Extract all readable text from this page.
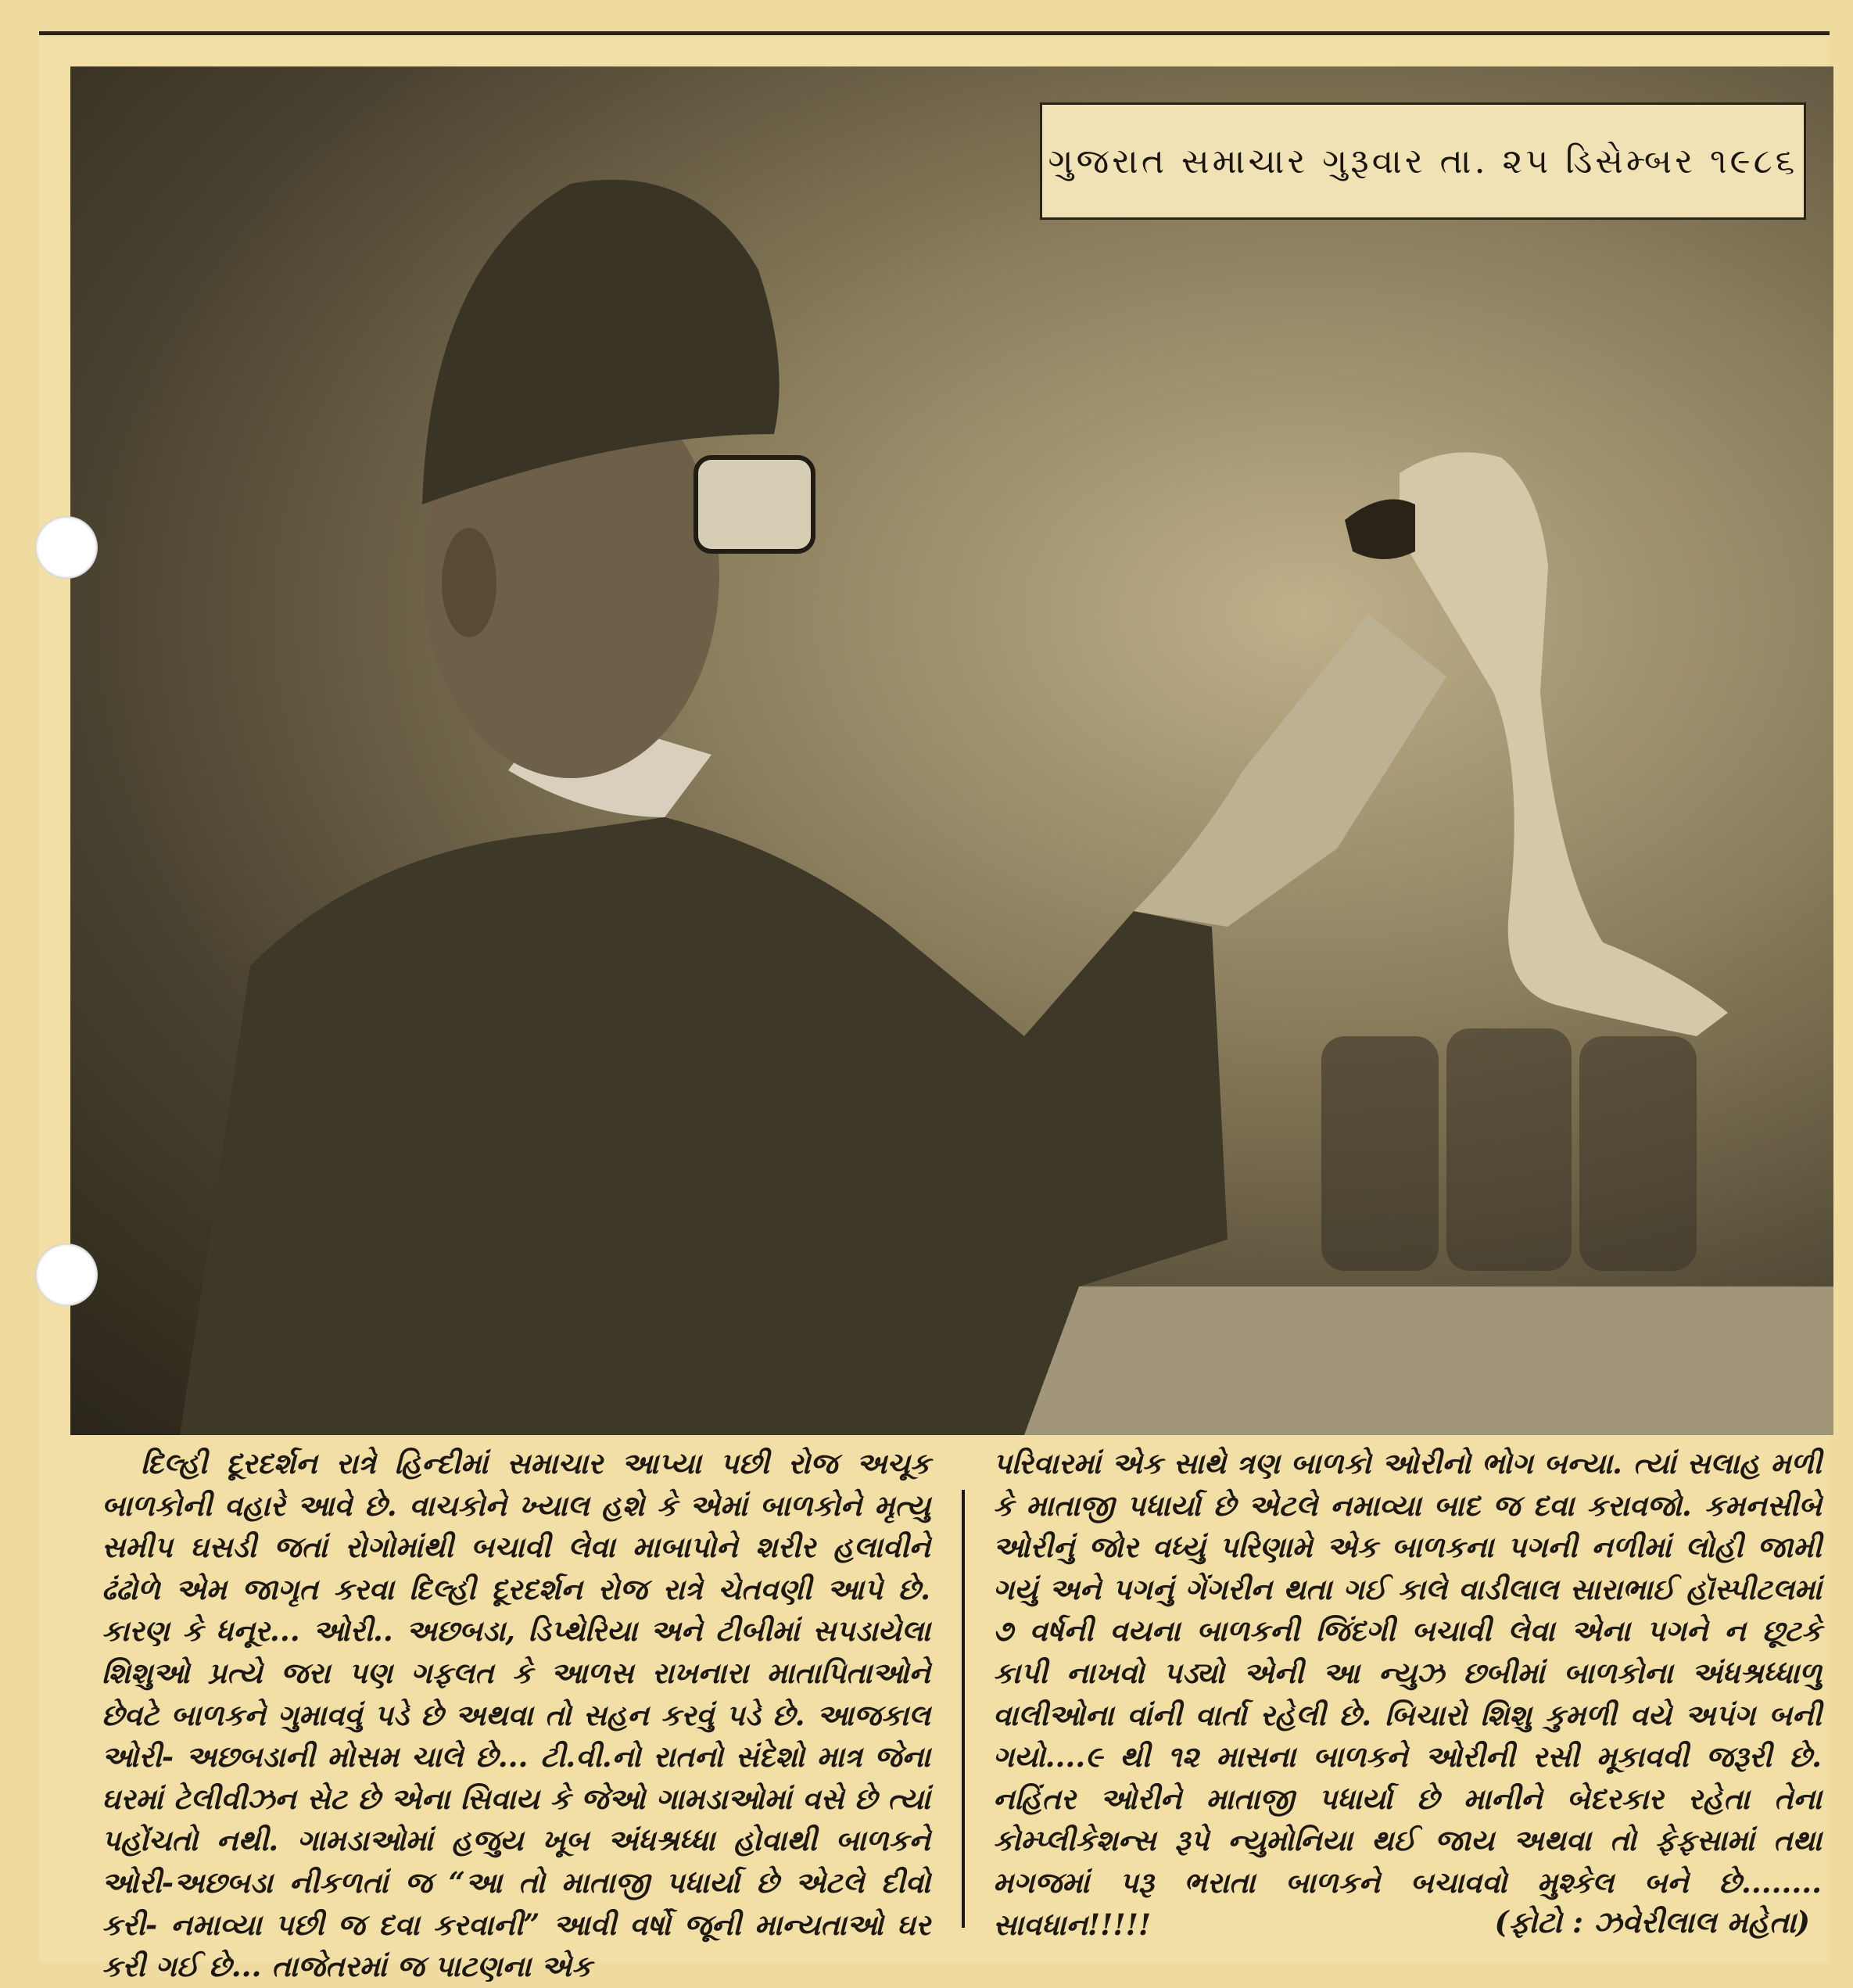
ગુજરાત સમાચાર ગુરૂવાર તા. ૨૫ ડિસેમ્બર ૧૯૮૬
દિલ્હી દૂરદર્શન રાત્રે હિન્દીમાં સમાચાર આપ્યા પછી રોજ અચૂક બાળકોની વહારે આવે છે. વાચકોને ખ્યાલ હશે કે એમાં બાળકોને મૃત્યુ સમીપ ઘસડી જતાં રોગોમાંથી બચાવી લેવા માબાપોને શરીર હલાવીને ઢંઢોળે એમ જાગૃત કરવા દિલ્હી દૂરદર્શન રોજ રાત્રે ચેતવણી આપે છે. કારણ કે ધનૂર... ઓરી.. અછબડા, ડિપ્થેરિયા અને ટીબીમાં સપડાયેલા શિશુઓ પ્રત્યે જરા પણ ગફલત કે આળસ રાખનારા માતાપિતાઓને છેવટે બાળકને ગુમાવવું પડે છે અથવા તો સહન કરવું પડે છે. આજકાલ ઓરી- અછબડાની મોસમ ચાલે છે... ટી.વી.નો રાતનો સંદેશો માત્ર જેના ઘરમાં ટેલીવીઝન સેટ છે એના સિવાય કે જેઓ ગામડાઓમાં વસે છે ત્યાં પહોંચતો નથી. ગામડાઓમાં હજુય ખૂબ અંધશ્રધ્ધા હોવાથી બાળકને ઓરી-અછબડા નીકળતાં જ “આ તો માતાજી પધાર્યા છે એટલે દીવો કરી- નમાવ્યા પછી જ દવા કરવાની” આવી વર્ષો જૂની માન્યતાઓ ઘર કરી ગઈ છે... તાજેતરમાં જ પાટણના એક
પરિવારમાં એક સાથે ત્રણ બાળકો ઓરીનો ભોગ બન્યા. ત્યાં સલાહ મળી કે માતાજી પધાર્યા છે એટલે નમાવ્યા બાદ જ દવા કરાવજો. કમનસીબે ઓરીનું જોર વધ્યું પરિણામે એક બાળકના પગની નળીમાં લોહી જામી ગયું અને પગનું ગેંગરીન થતા ગઈ કાલે વાડીલાલ સારાભાઈ હૉસ્પીટલમાં ૭ વર્ષની વયના બાળકની જિંદગી બચાવી લેવા એના પગને ન છૂટકે કાપી નાખવો પડ્યો એની આ ન્યુઝ છબીમાં બાળકોના અંધશ્રધ્ધાળુ વાલીઓના વાંની વાર્તા રહેલી છે. બિચારો શિશુ કુમળી વયે અપંગ બની ગયો....૯ થી ૧૨ માસના બાળકને ઓરીની રસી મૂકાવવી જરૂરી છે. નહિંતર ઓરીને માતાજી પધાર્યા છે માનીને બેદરકાર રહેતા તેના કોમ્પ્લીકેશન્સ રૂપે ન્યુમોનિયા થઈ જાય અથવા તો ફેફસામાં તથા મગજમાં પરૂ ભરાતા બાળકને બચાવવો મુશ્કેલ બને છે........ સાવધાન!!!!!	(ફોટો : ઝવેરીલાલ મહેતા)
